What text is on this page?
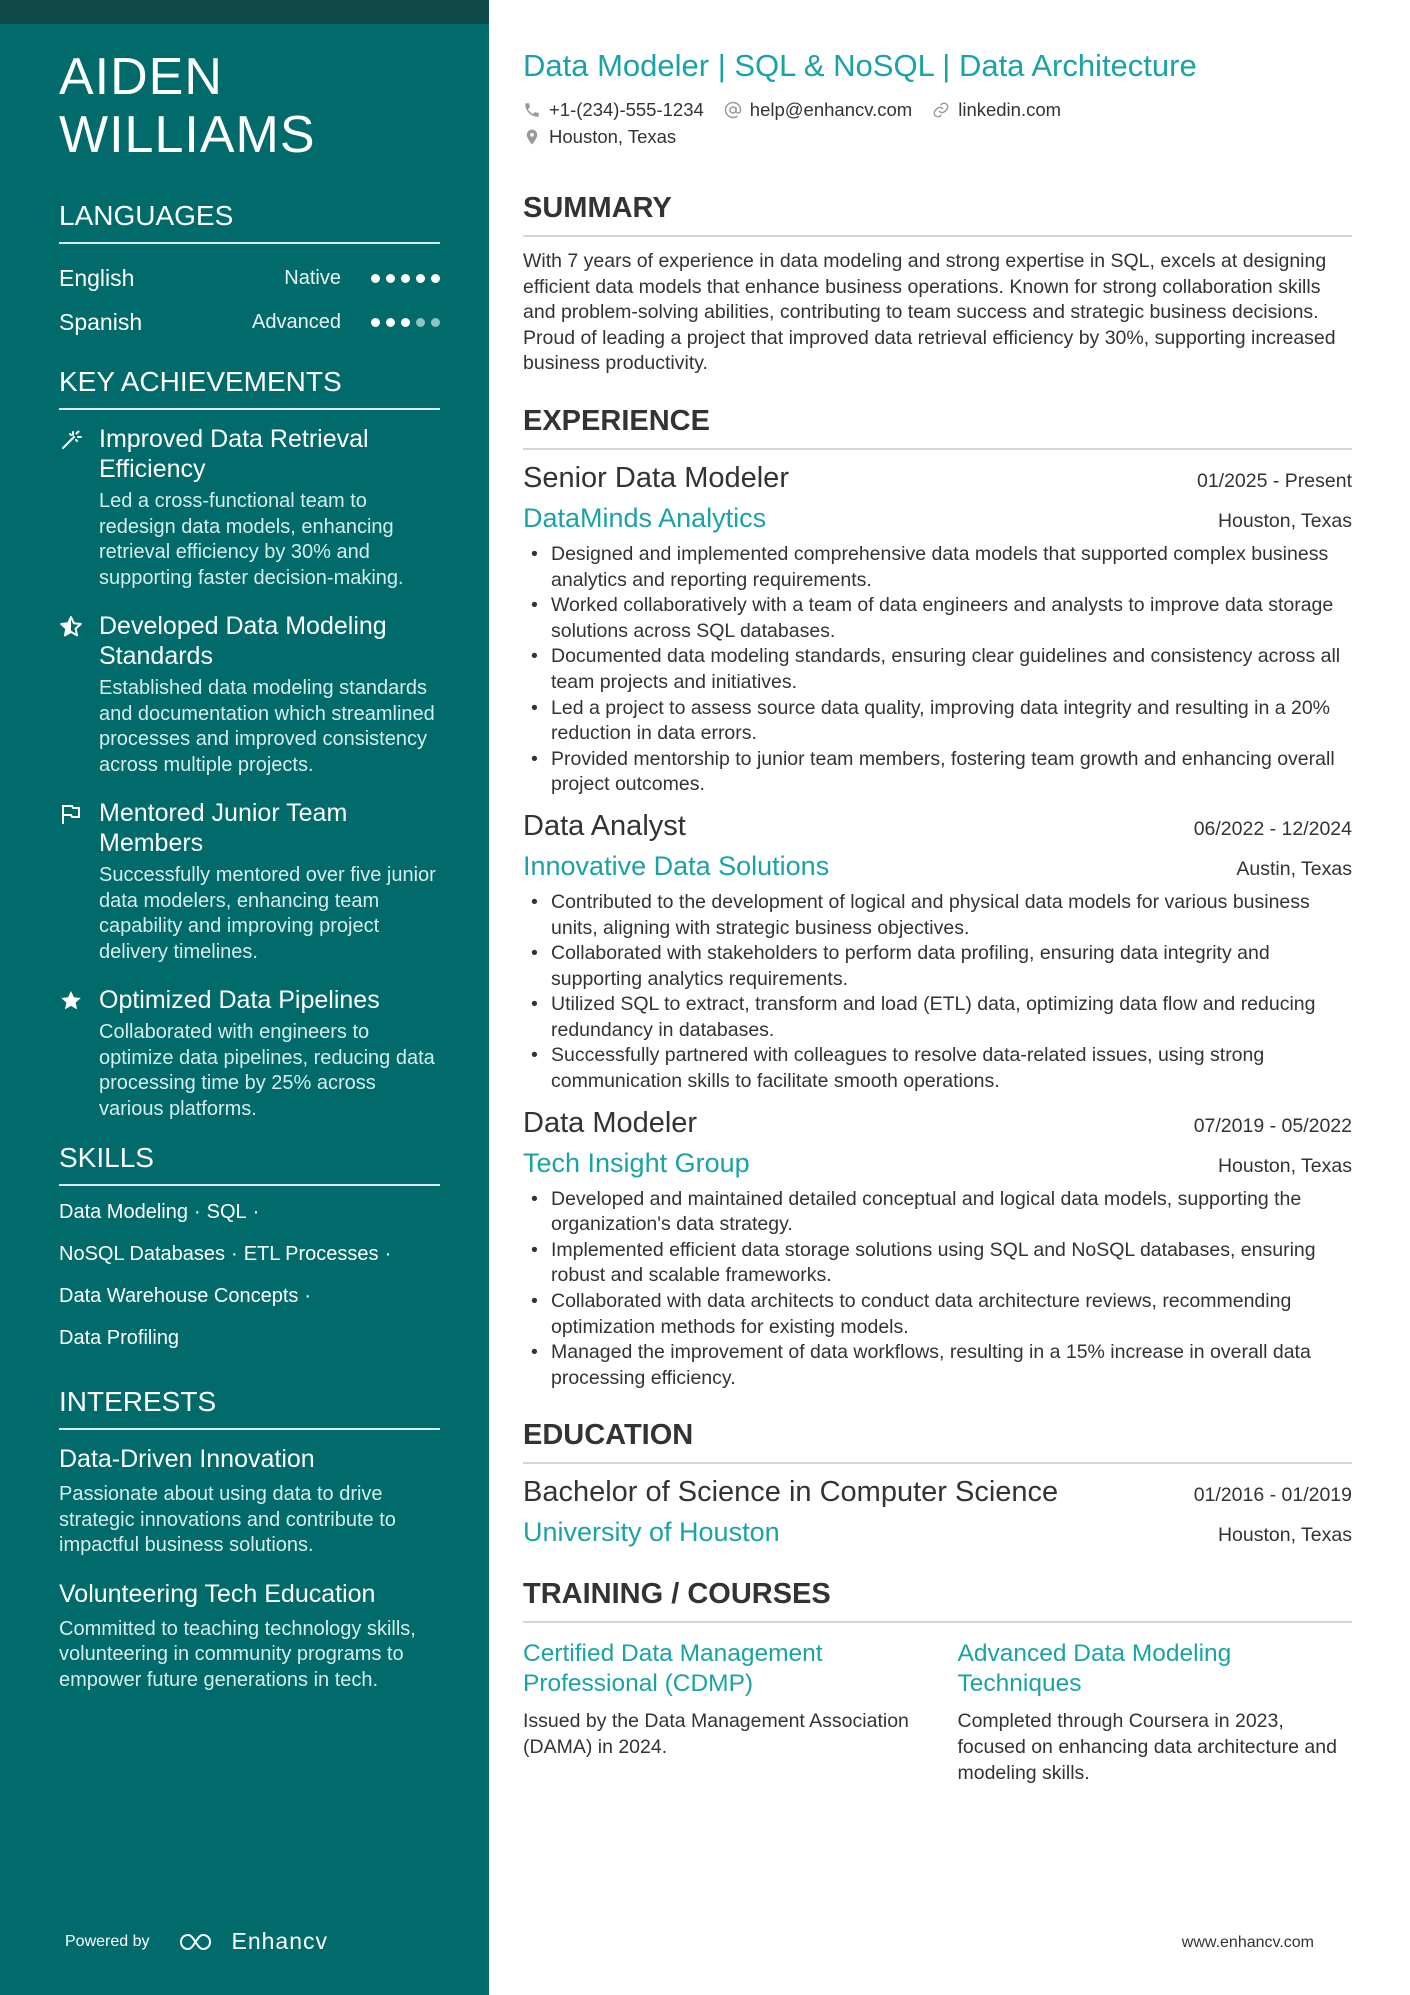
AIDEN
WILLIAMS
LANGUAGES
English	Native
Spanish	Advanced
KEY ACHIEVEMENTS
Improved Data Retrieval Efficiency
Led a cross-functional team to redesign data models, enhancing retrieval efficiency by 30% and supporting faster decision-making.
Developed Data Modeling Standards
Established data modeling standards and documentation which streamlined processes and improved consistency across multiple projects.
Mentored Junior Team Members
Successfully mentored over five junior data modelers, enhancing team capability and improving project delivery timelines.
Optimized Data Pipelines
Collaborated with engineers to optimize data pipelines, reducing data processing time by 25% across various platforms.
SKILLS
Data Modeling · SQL ·
NoSQL Databases · ETL Processes ·
Data Warehouse Concepts ·
Data Profiling
INTERESTS
Data-Driven Innovation
Passionate about using data to drive strategic innovations and contribute to impactful business solutions.
Volunteering Tech Education
Committed to teaching technology skills, volunteering in community programs to empower future generations in tech.
Powered by	Enhancv
Data Modeler | SQL & NoSQL | Data Architecture
+1-(234)-555-1234 help@enhancv.com linkedin.com
Houston, Texas
SUMMARY

With 7 years of experience in data modeling and strong expertise in SQL, excels at designing efficient data models that enhance business operations. Known for strong collaboration skills and problem-solving abilities, contributing to team success and strategic business decisions. Proud of leading a project that improved data retrieval efficiency by 30%, supporting increased business productivity.

EXPERIENCE
Senior Data Modeler	01/2025 - Present
DataMinds Analytics	Houston, Texas
• Designed and implemented comprehensive data models that supported complex business analytics and reporting requirements.
• Worked collaboratively with a team of data engineers and analysts to improve data storage solutions across SQL databases.
• Documented data modeling standards, ensuring clear guidelines and consistency across all team projects and initiatives.
• Led a project to assess source data quality, improving data integrity and resulting in a 20% reduction in data errors.
• Provided mentorship to junior team members, fostering team growth and enhancing overall project outcomes.
Data Analyst	06/2022 - 12/2024
Innovative Data Solutions	Austin, Texas
• Contributed to the development of logical and physical data models for various business units, aligning with strategic business objectives.
• Collaborated with stakeholders to perform data profiling, ensuring data integrity and supporting analytics requirements.
• Utilized SQL to extract, transform and load (ETL) data, optimizing data flow and reducing redundancy in databases.
• Successfully partnered with colleagues to resolve data-related issues, using strong communication skills to facilitate smooth operations.
Data Modeler	07/2019 - 05/2022
Tech Insight Group	Houston, Texas
• Developed and maintained detailed conceptual and logical data models, supporting the organization's data strategy.
• Implemented efficient data storage solutions using SQL and NoSQL databases, ensuring robust and scalable frameworks.
• Collaborated with data architects to conduct data architecture reviews, recommending optimization methods for existing models.
• Managed the improvement of data workflows, resulting in a 15% increase in overall data processing efficiency.
EDUCATION
Bachelor of Science in Computer Science	01/2016 - 01/2019
University of Houston	Houston, Texas
TRAINING / COURSES
Certified Data Management Professional (CDMP)
Issued by the Data Management Association (DAMA) in 2024.
Advanced Data Modeling Techniques
Completed through Coursera in 2023, focused on enhancing data architecture and modeling skills.
www.enhancv.com
